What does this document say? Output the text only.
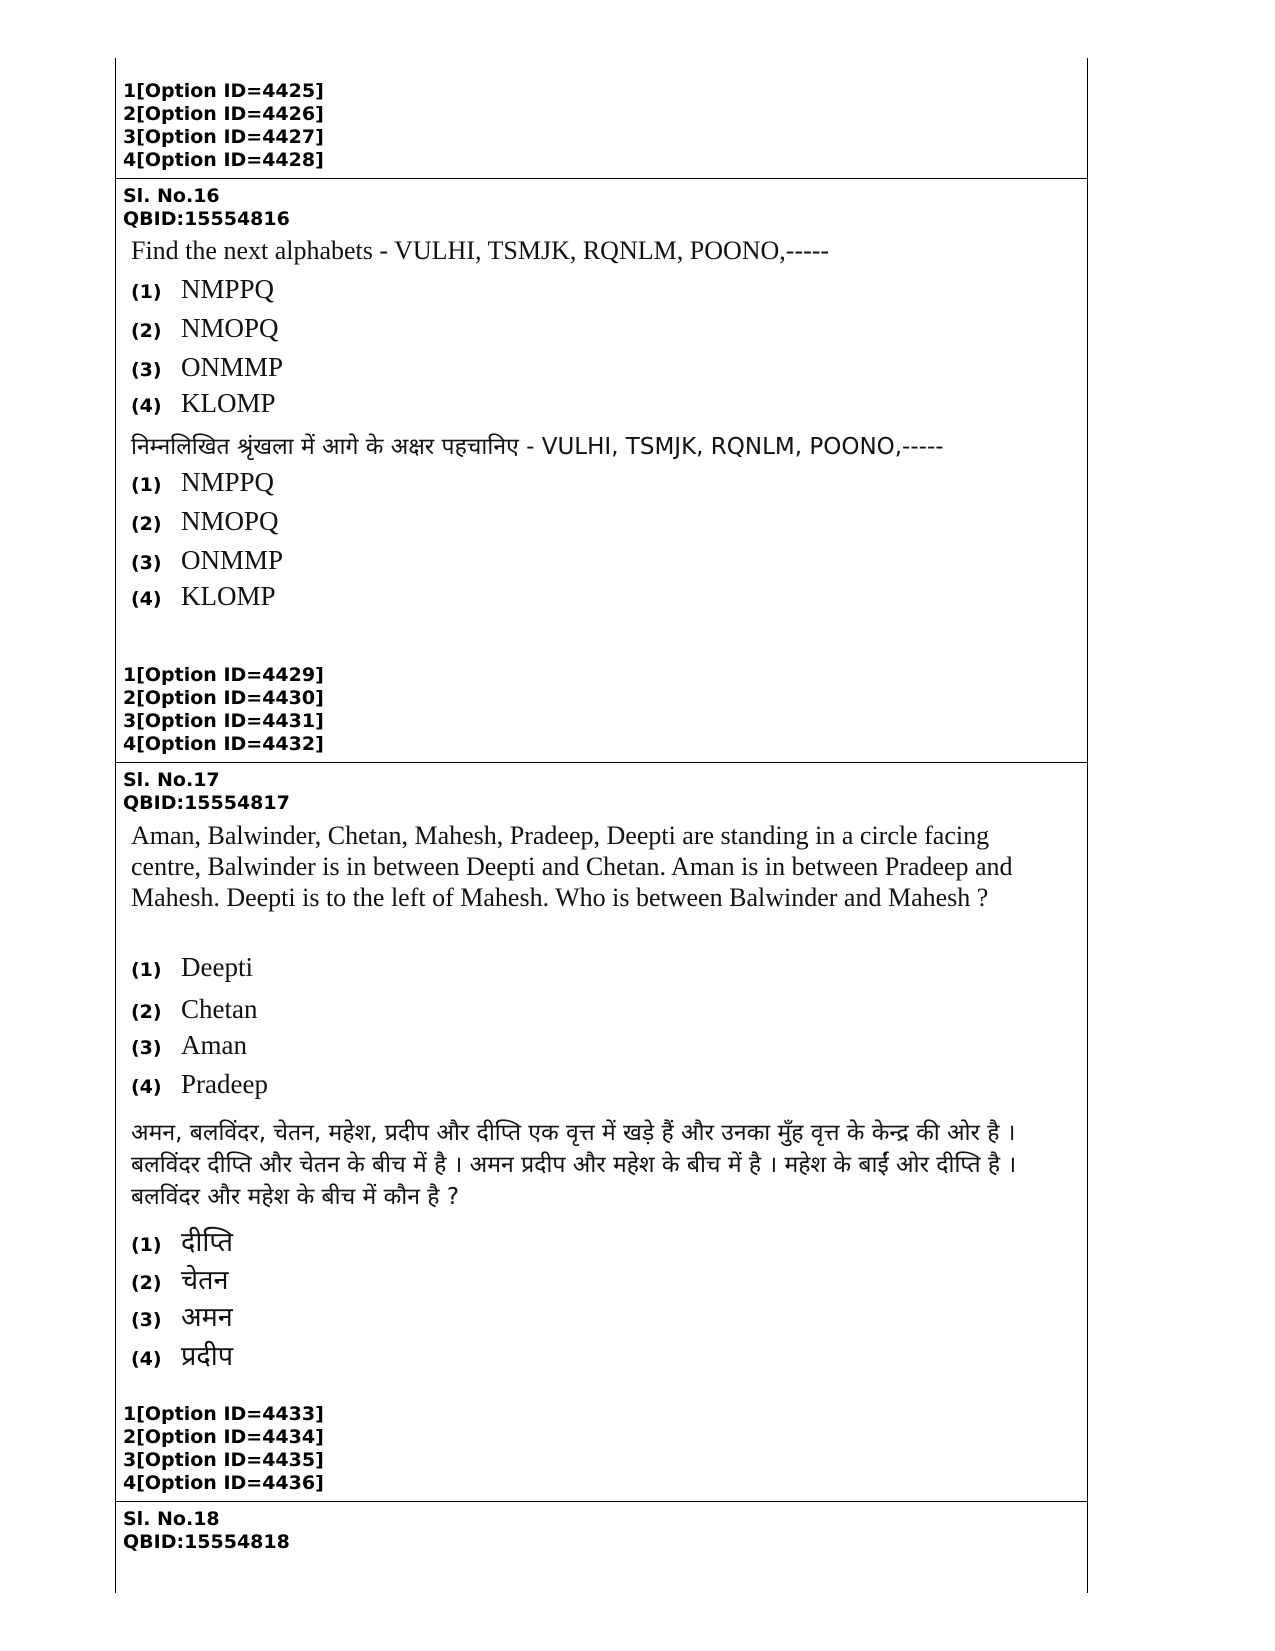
1[Option ID=4425]

2[Option ID=4426]

3[Option ID=4427]

4[Option ID=4428]

Sl. No.16

QBID:15554816

Find the next alphabets - VULHI, TSMJK, RQNLM, POONO,-----

(1) NMPPQ
(2) NMOPQ
(3) ONMMP
(4) KLOMP

निम्नलिखित श्रृंखला में आगे के अक्षर पहचानिए - VULHI, TSMJK, RQNLM, POONO,-----

(1) NMPPQ
(2) NMOPQ
(3) ONMMP
(4) KLOMP

1[Option ID=4429]

2[Option ID=4430]

3[Option ID=4431]

4[Option ID=4432]

Sl. No.17

QBID:15554817

Aman, Balwinder, Chetan, Mahesh, Pradeep, Deepti are standing in a circle facing centre, Balwinder is in between Deepti and Chetan. Aman is in between Pradeep and Mahesh. Deepti is to the left of Mahesh. Who is between Balwinder and Mahesh ?

(1) Deepti
(2) Chetan
(3) Aman
(4) Pradeep

अमन, बलविंदर, चेतन, महेश, प्रदीप और दीप्ति एक वृत्त में खड़े हैं और उनका मुँह वृत्त के केन्द्र की ओर है । बलविंदर दीप्ति और चेतन के बीच में है । अमन प्रदीप और महेश के बीच में है । महेश के बाईं ओर दीप्ति है । बलविंदर और महेश के बीच में कौन है ?

(1) दीप्ति
(2) चेतन
(3) अमन
(4) प्रदीप

1[Option ID=4433]

2[Option ID=4434]

3[Option ID=4435]

4[Option ID=4436]

Sl. No.18

QBID:15554818
